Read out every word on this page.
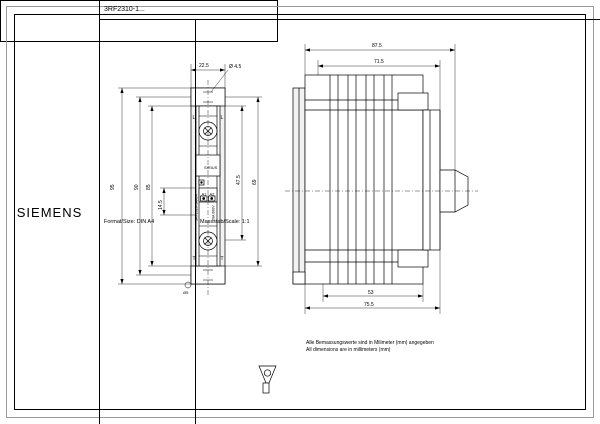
SIRIUS
A1 A2
3RF2310-1AA04	20A 600V
L	L
T	T
Ø5
22.5	Ø 4.5
95	90 85
14.5
47.5 69
87.5
71.5
53
75.5
Alle Bemassungswerte sind in Milimeter (mm) angegeben
All dimensions are in millimeters (mm)
SIEMENS
3RF2310-1...
Format/Size: DIN A4	Massstab/Scale: 1:1
